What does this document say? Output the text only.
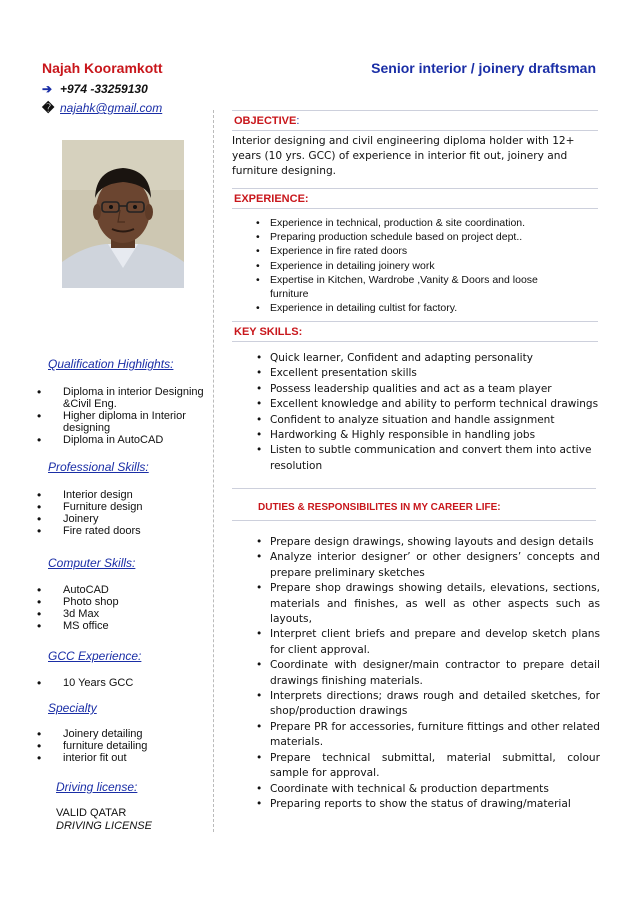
Najah Kooramkott	Senior interior / joinery draftsman
➔ +974 -33259130
� najahk@gmail.com
Qualification Highlights:
• Diploma in interior Designing &Civil Eng.
• Higher diploma in Interior designing
• Diploma in AutoCAD
Professional Skills:
• Interior design
• Furniture design
• Joinery
• Fire rated doors
Computer Skills:
• AutoCAD
• Photo shop
• 3d Max
• MS office
GCC Experience:
• 10 Years GCC
Specialty
• Joinery detailing
• furniture detailing
• interior fit out
Driving license:
VALID QATAR
DRIVING LICENSE
OBJECTIVE:
Interior designing and civil engineering diploma holder with 12+ years (10 yrs. GCC) of experience in interior fit out, joinery and furniture designing.
EXPERIENCE:
• Experience in technical, production & site coordination.
• Preparing production schedule based on project dept..
• Experience in fire rated doors
• Experience in detailing joinery work
• Expertise in Kitchen, Wardrobe ,Vanity & Doors and loose furniture
• Experience in detailing cultist for factory.
KEY SKILLS:
• Quick learner, Confident and adapting personality
• Excellent presentation skills
• Possess leadership qualities and act as a team player
• Excellent knowledge and ability to perform technical drawings
• Confident to analyze situation and handle assignment
• Hardworking & Highly responsible in handling jobs
• Listen to subtle communication and convert them into active resolution
DUTIES & RESPONSIBILITES IN MY CAREER LIFE:
• Prepare design drawings, showing layouts and design details
• Analyze interior designer’ or other designers’ concepts and prepare preliminary sketches
• Prepare shop drawings showing details, elevations, sections, materials and finishes, as well as other aspects such as layouts,
• Interpret client briefs and prepare and develop sketch plans for client approval.
• Coordinate with designer/main contractor to prepare detail drawings finishing materials.
• Interprets directions; draws rough and detailed sketches, for shop/production drawings
• Prepare PR for accessories, furniture fittings and other related materials.
• Prepare technical submittal, material submittal, colour sample for approval.
• Coordinate with technical & production departments
• Preparing reports to show the status of drawing/material
